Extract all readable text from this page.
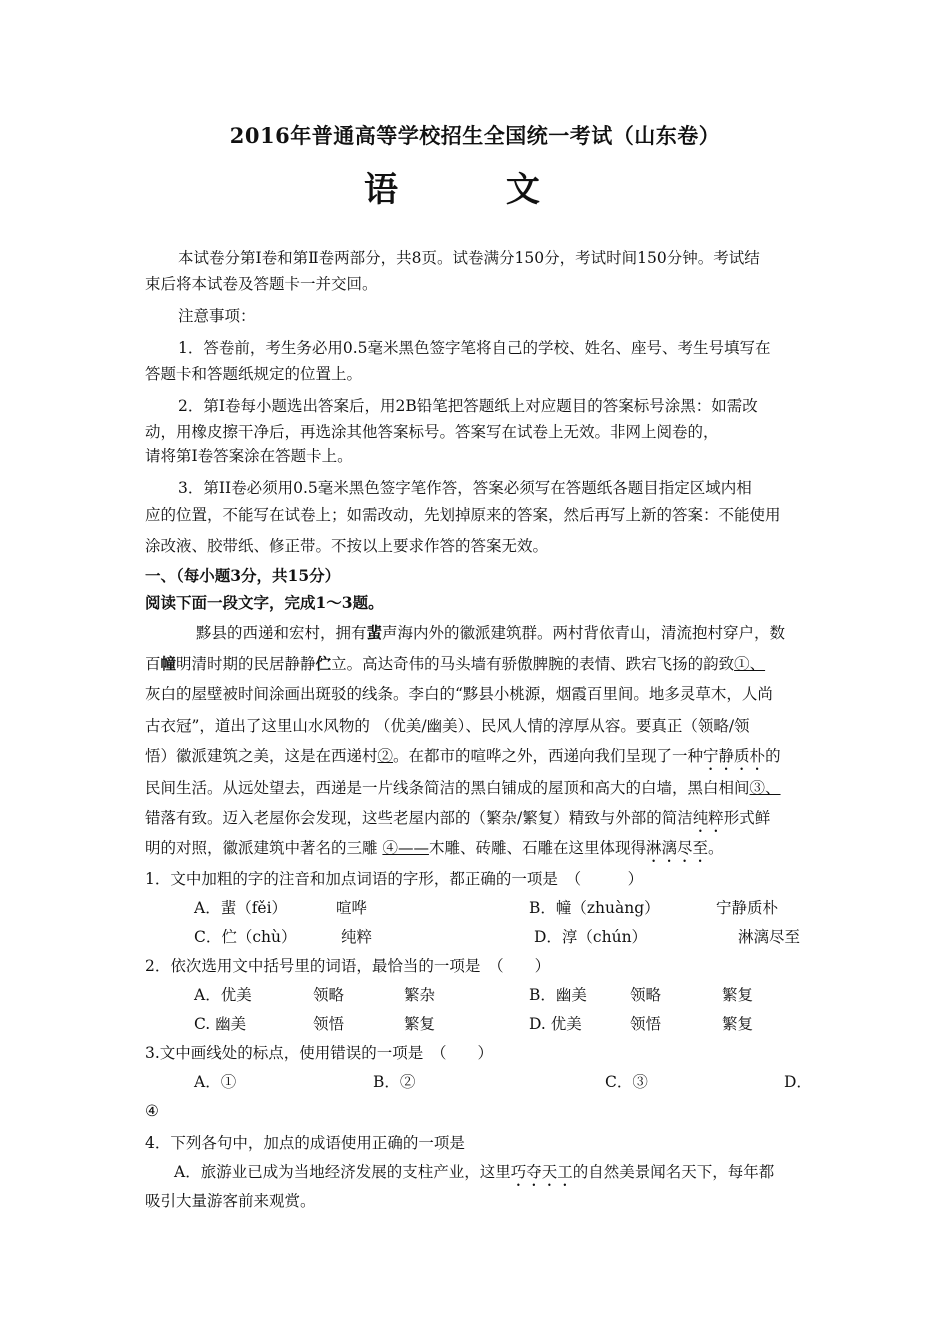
2016年普通高等学校招生全国统一考试（山东卷）
语 文
本试卷分第Ⅰ卷和第Ⅱ卷两部分，共8页。试卷满分150分，考试时间150分钟。考试结
束后将本试卷及答题卡一并交回。
注意事项：
1．答卷前，考生务必用0.5毫米黑色签字笔将自己的学校、姓名、座号、考生号填写在
答题卡和答题纸规定的位置上。
2．第Ⅰ卷每小题选出答案后，用2B铅笔把答题纸上对应题目的答案标号涂黑：如需改
动，用橡皮擦干净后，再选涂其他答案标号。答案写在试卷上无效。非网上阅卷的，
请将第Ⅰ卷答案涂在答题卡上。
3．第II卷必须用0.5毫米黑色签字笔作答，答案必须写在答题纸各题目指定区域内相
应的位置，不能写在试卷上；如需改动，先划掉原来的答案，然后再写上新的答案：不能使用
涂改液、胶带纸、修正带。不按以上要求作答的答案无效。
一、（每小题3分，共15分）
阅读下面一段文字，完成1～3题。
黟县的西递和宏村，拥有蜚声海内外的徽派建筑群。两村背依青山，清流抱村穿户，数
百幢明清时期的民居静静伫立。高达奇伟的马头墙有骄傲脾腕的表情、跌宕飞扬的韵致①、
灰白的屋壁被时间涂画出斑驳的线条。李白的“黟县小桃源，烟霞百里间。地多灵草木，人尚
古衣冠”，道出了这里山水风物的 （优美/幽美）、民风人情的淳厚从容。要真正（领略/领
悟）徽派建筑之美，这是在西递村②。在都市的喧哗之外，西递向我们呈现了一种宁静质朴的
民间生活。从远处望去，西递是一片线条简洁的黑白铺成的屋顶和高大的白墙，黑白相间③、
错落有致。迈入老屋你会发现，这些老屋内部的（繁杂/繁复）精致与外部的简洁纯粹形式鲜
明的对照，徽派建筑中著名的三雕 ④——木雕、砖雕、石雕在这里体现得淋漓尽至。
1．文中加粗的字的注音和加点词语的字形，都正确的一项是　（　　　）
A．蜚（fěi）	喧哗	B．幢（zhuàng）	宁静质朴
C．伫（chù）	纯粹	D．淳（chún）	淋漓尽至
2．依次选用文中括号里的词语，最恰当的一项是　（　　）
A．优美	领略	繁杂	B．幽美	领略	繁复
C. 幽美	领悟	繁复	D. 优美	领悟	繁复
3.文中画线处的标点，使用错误的一项是　（　　）
A．①	B．②	C．③	D．
④
4．下列各句中，加点的成语使用正确的一项是
A．旅游业已成为当地经济发展的支柱产业，这里巧夺天工的自然美景闻名天下，每年都
吸引大量游客前来观赏。
